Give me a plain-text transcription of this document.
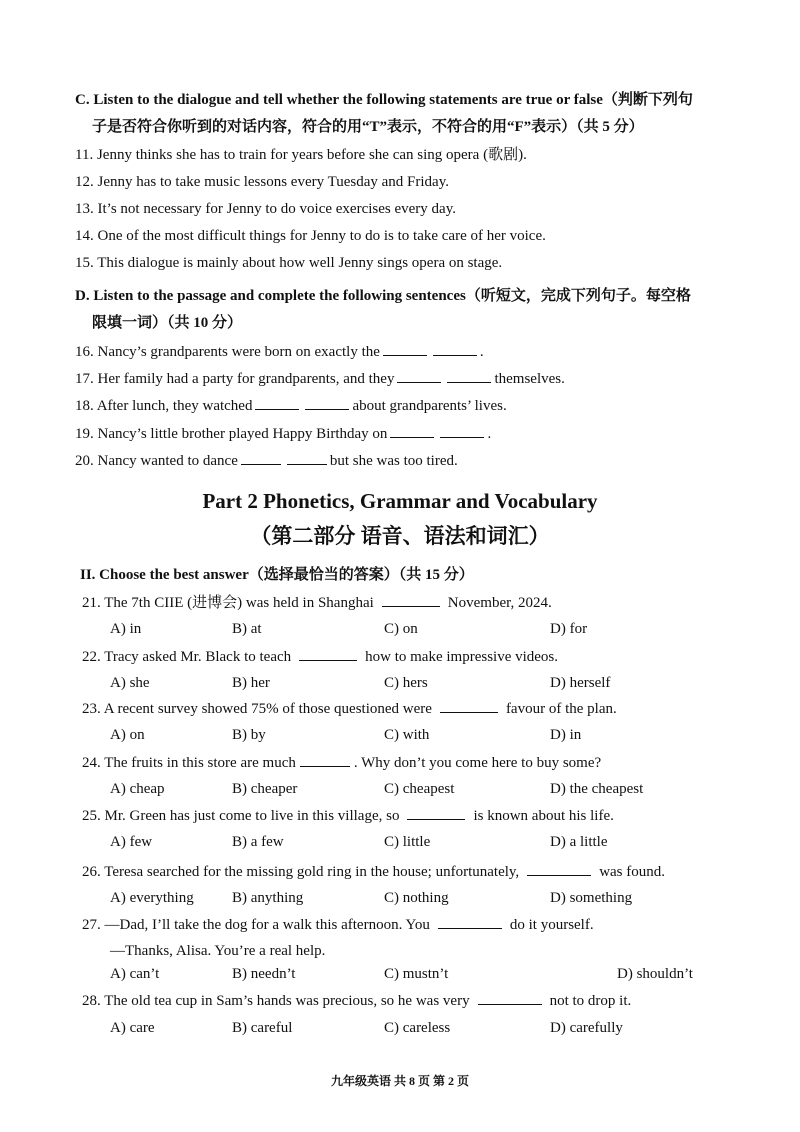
C. Listen to the dialogue and tell whether the following statements are true or false（判断下列句
子是否符合你听到的对话内容，符合的用“T”表示，不符合的用“F”表示）（共 5 分）
11. Jenny thinks she has to train for years before she can sing opera (歌剧).
12. Jenny has to take music lessons every Tuesday and Friday.
13. It’s not necessary for Jenny to do voice exercises every day.
14. One of the most difficult things for Jenny to do is to take care of her voice.
15. This dialogue is mainly about how well Jenny sings opera on stage.
D. Listen to the passage and complete the following sentences（听短文，完成下列句子。每空格
限填一词）（共 10 分）
16. Nancy’s grandparents were born on exactly the	.
17. Her family had a party for grandparents, and they	themselves.
18. After lunch, they watched	about grandparents’ lives.
19. Nancy’s little brother played Happy Birthday on	.
20. Nancy wanted to dance	but she was too tired.
Part 2 Phonetics, Grammar and Vocabulary
（第二部分 语音、语法和词汇）
II. Choose the best answer（选择最恰当的答案）（共 15 分）
21. The 7th CIIE (进博会) was held in Shanghai	November, 2024.
A) in	B) at	C) on	D) for
22. Tracy asked Mr. Black to teach	how to make impressive videos.
A) she	B) her	C) hers	D) herself
23. A recent survey showed 75% of those questioned were	favour of the plan.
A) on	B) by	C) with	D) in
24. The fruits in this store are much	. Why don’t you come here to buy some?
A) cheap	B) cheaper	C) cheapest	D) the cheapest
25. Mr. Green has just come to live in this village, so	is known about his life.
A) few	B) a few	C) little	D) a little
26. Teresa searched for the missing gold ring in the house; unfortunately,	was found.
A) everything	B) anything	C) nothing	D) something
27. —Dad, I’ll take the dog for a walk this afternoon. You	do it yourself.
—Thanks, Alisa. You’re a real help.
A) can’t	B) needn’t	C) mustn’t	D) shouldn’t
28. The old tea cup in Sam’s hands was precious, so he was very	not to drop it.
A) care	B) careful	C) careless	D) carefully
九年级英语 共 8 页 第 2 页
